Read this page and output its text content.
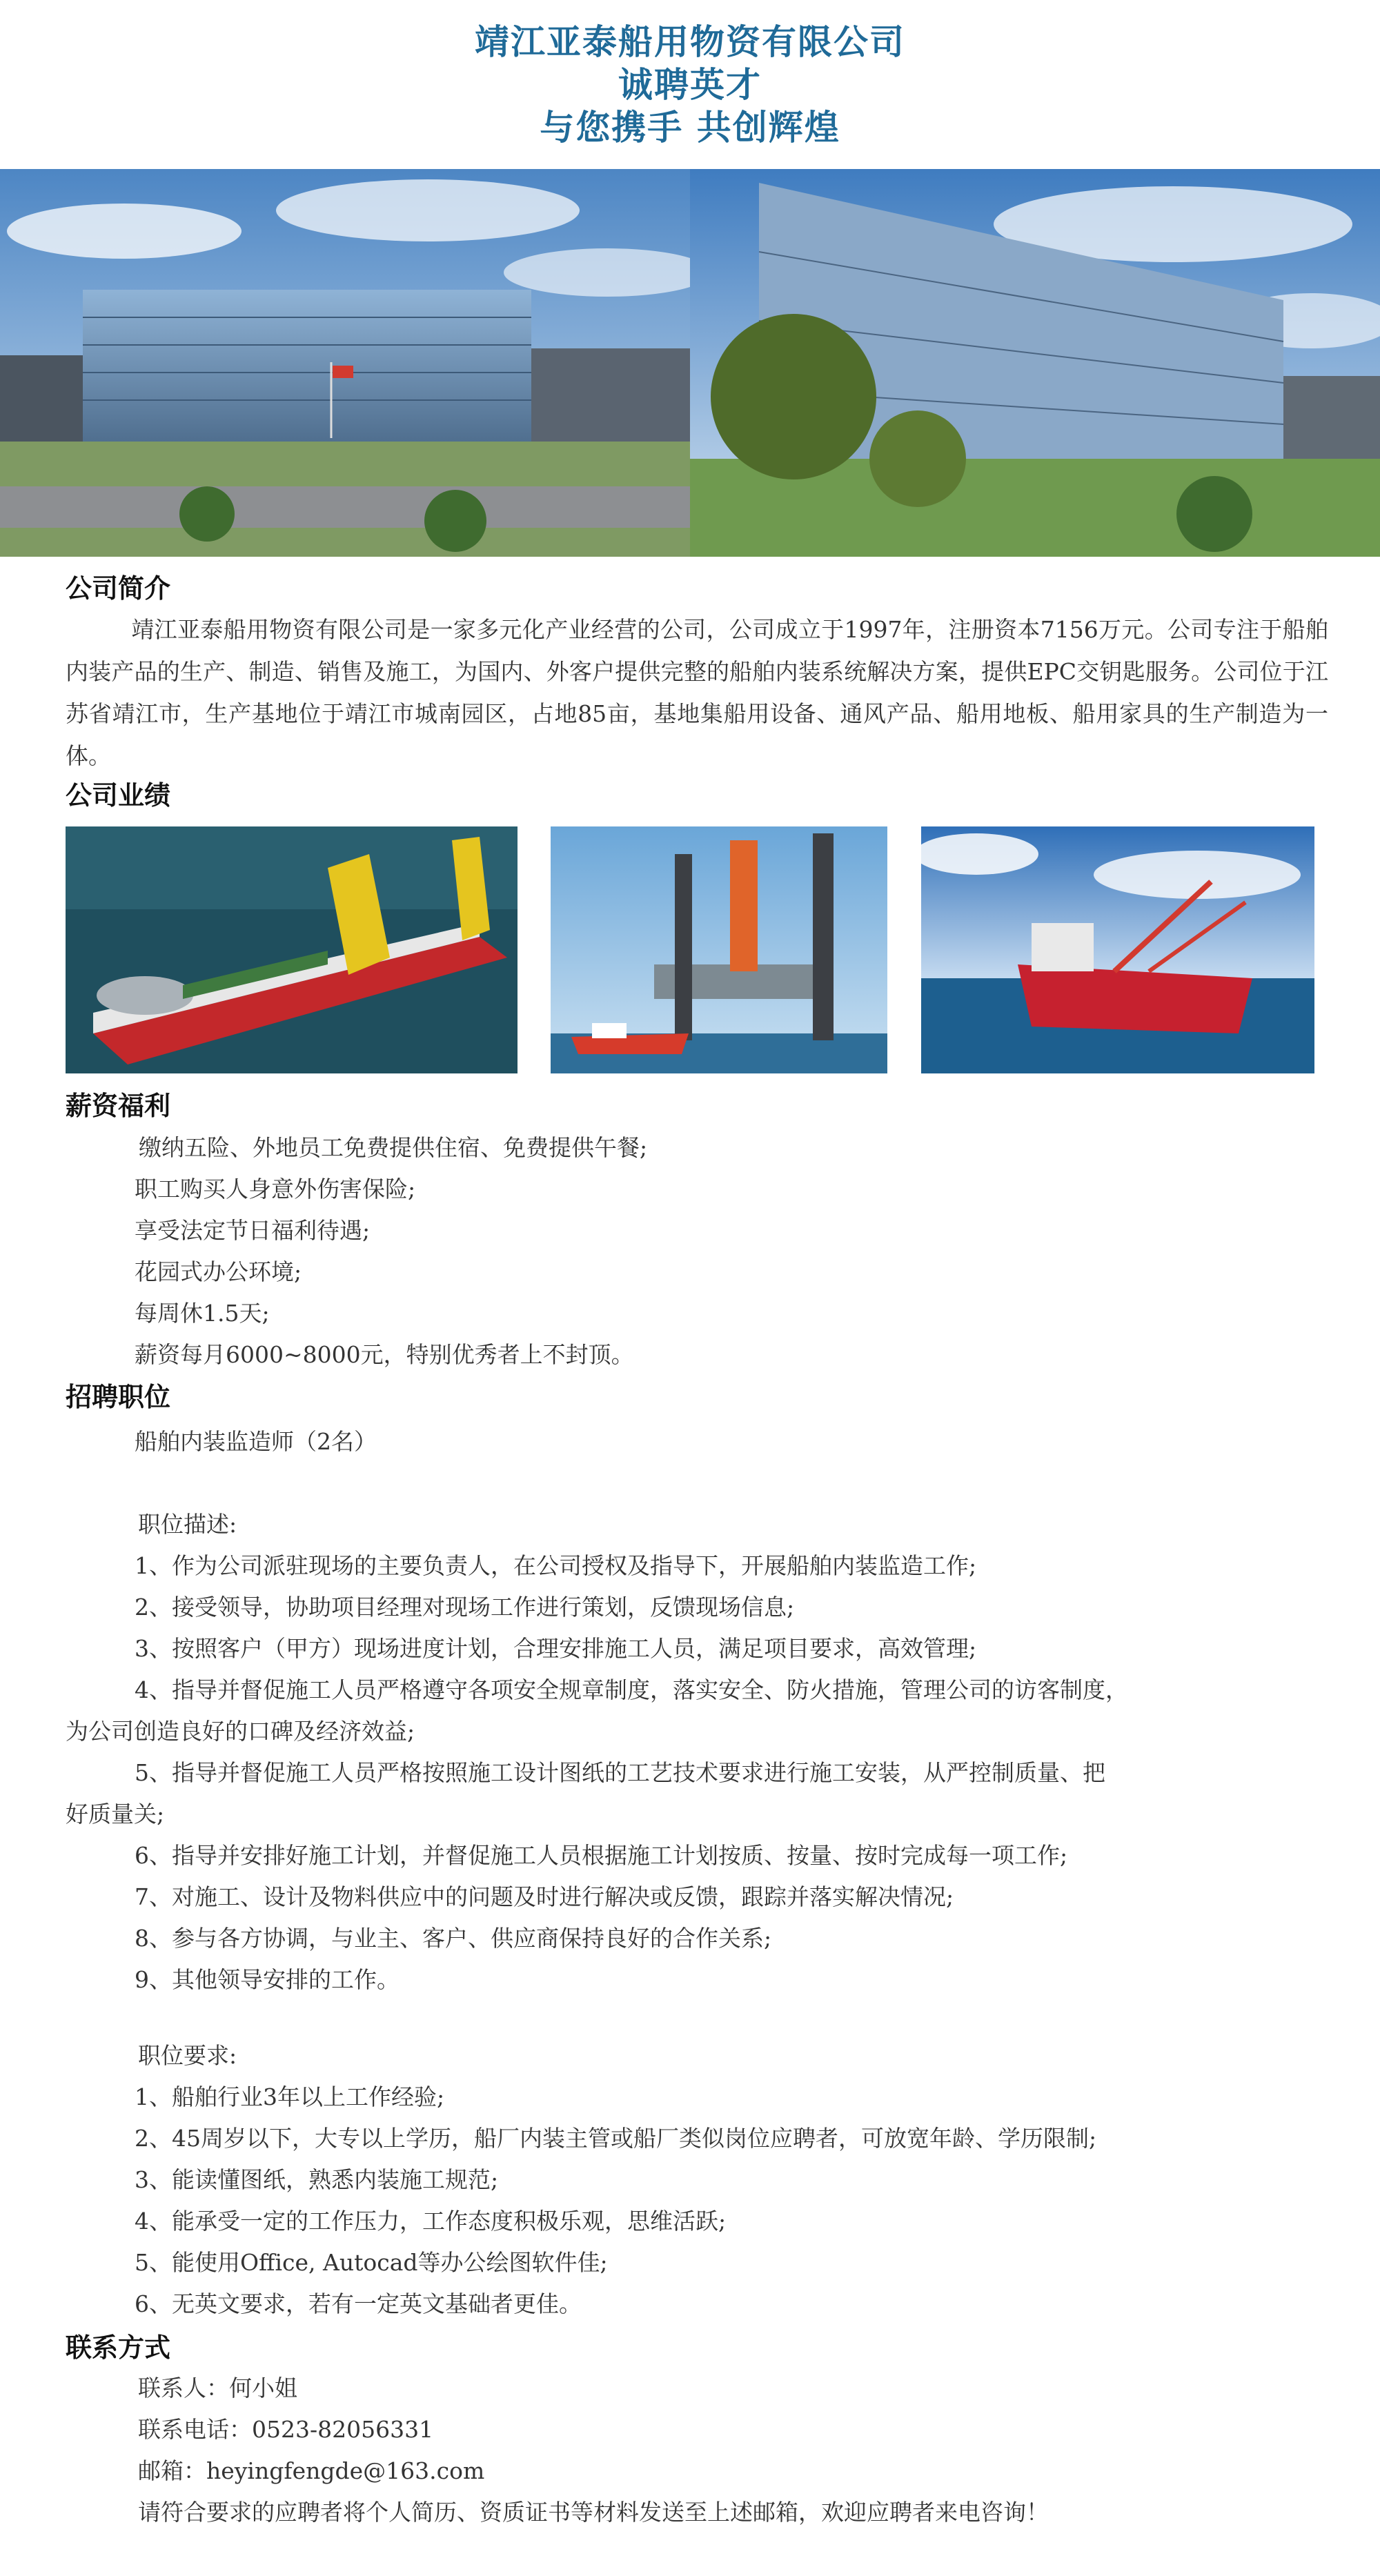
靖江亚泰船用物资有限公司
诚聘英才
与您携手 共创辉煌
公司简介
靖江亚泰船用物资有限公司是一家多元化产业经营的公司，公司成立于1997年，注册资本7156万元。公司专注于船舶内装产品的生产、制造、销售及施工，为国内、外客户提供完整的船舶内装系统解决方案，提供EPC交钥匙服务。公司位于江苏省靖江市，生产基地位于靖江市城南园区，占地85亩，基地集船用设备、通风产品、船用地板、船用家具的生产制造为一体。
公司业绩
薪资福利
缴纳五险、外地员工免费提供住宿、免费提供午餐;
职工购买人身意外伤害保险;
享受法定节日福利待遇;
花园式办公环境;
每周休1.5天;
薪资每月6000~8000元，特别优秀者上不封顶。
招聘职位
船舶内装监造师（2名）
职位描述:
1、作为公司派驻现场的主要负责人，在公司授权及指导下，开展船舶内装监造工作;
2、接受领导，协助项目经理对现场工作进行策划，反馈现场信息;
3、按照客户（甲方）现场进度计划，合理安排施工人员，满足项目要求，高效管理;
4、指导并督促施工人员严格遵守各项安全规章制度，落实安全、防火措施，管理公司的访客制度，
为公司创造良好的口碑及经济效益;
5、指导并督促施工人员严格按照施工设计图纸的工艺技术要求进行施工安装，从严控制质量、把
好质量关;
6、指导并安排好施工计划，并督促施工人员根据施工计划按质、按量、按时完成每一项工作;
7、对施工、设计及物料供应中的问题及时进行解决或反馈，跟踪并落实解决情况;
8、参与各方协调，与业主、客户、供应商保持良好的合作关系;
9、其他领导安排的工作。
职位要求:
1、船舶行业3年以上工作经验;
2、45周岁以下，大专以上学历，船厂内装主管或船厂类似岗位应聘者，可放宽年龄、学历限制;
3、能读懂图纸，熟悉内装施工规范;
4、能承受一定的工作压力，工作态度积极乐观，思维活跃;
5、能使用Office, Autocad等办公绘图软件佳;
6、无英文要求，若有一定英文基础者更佳。
联系方式
联系人：何小姐
联系电话：0523-82056331
邮箱：heyingfengde@163.com
请符合要求的应聘者将个人简历、资质证书等材料发送至上述邮箱，欢迎应聘者来电咨询！
